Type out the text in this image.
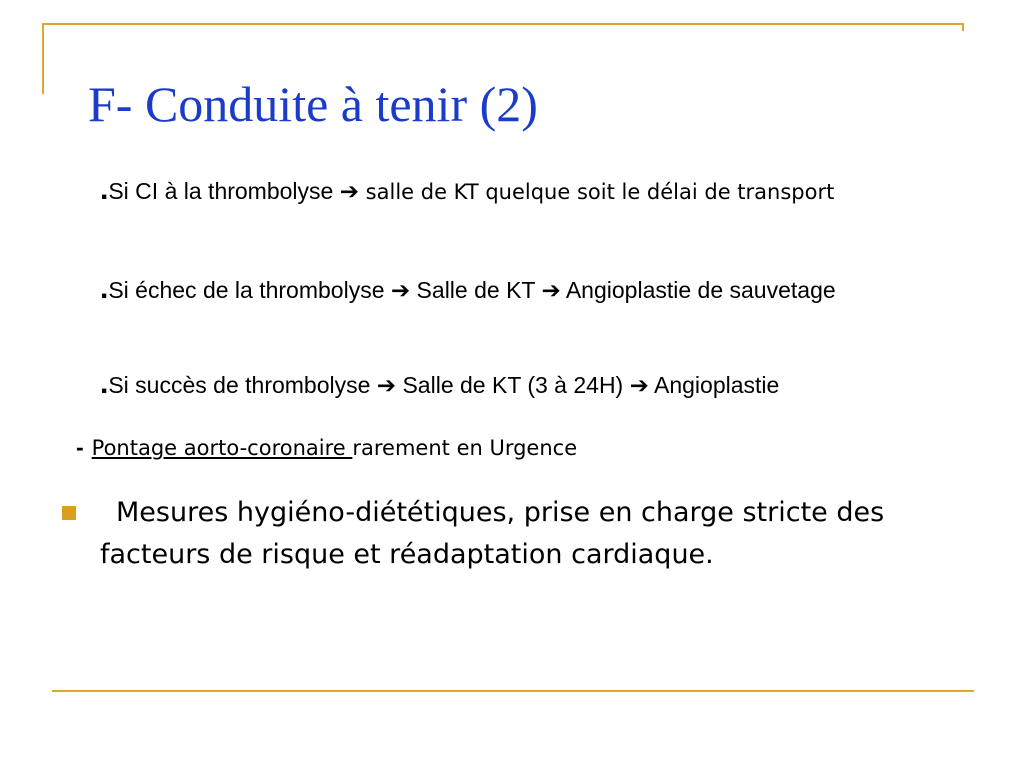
F- Conduite à tenir (2)

.Si CI à la thrombolyse ➔ salle de KT quelque soit le délai de transport

.Si échec de la thrombolyse ➔ Salle de KT ➔ Angioplastie de sauvetage

.Si succès de thrombolyse ➔ Salle de KT (3 à 24H) ➔ Angioplastie

- Pontage aorto-coronaire rarement en Urgence

Mesures hygiéno-diététiques, prise en charge stricte des facteurs de risque et réadaptation cardiaque.
